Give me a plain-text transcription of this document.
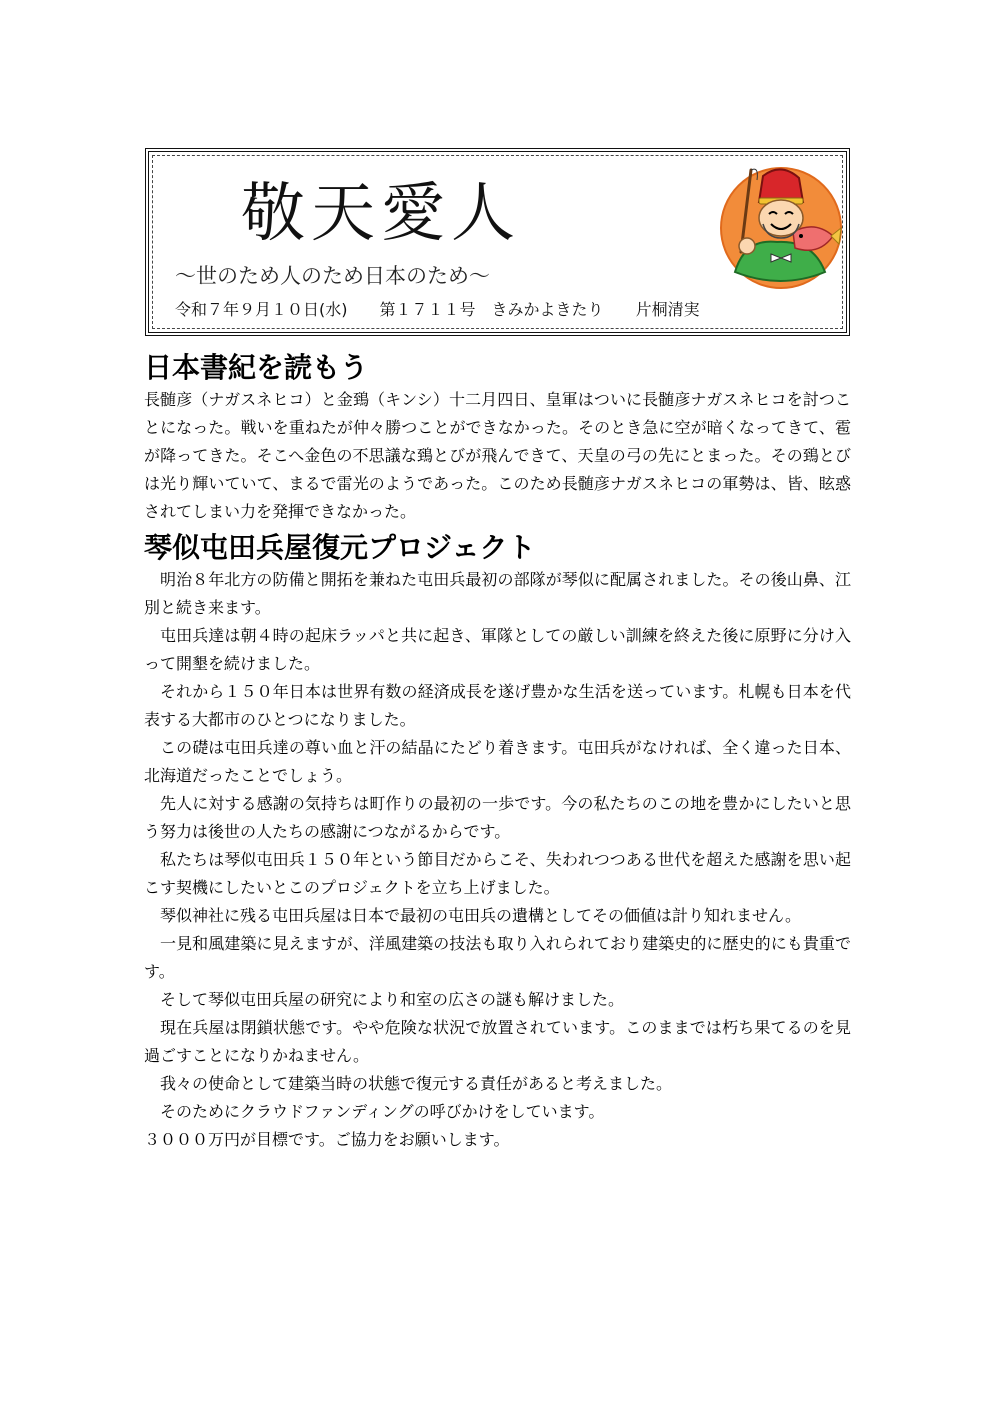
敬天愛人
～世のため人のため日本のため～
令和７年９月１０日(水)　　 第１７１１号　 きみかよきたり　　 片桐清実
日本書紀を読もう

長髄彦（ナガスネヒコ）と金鵄（キンシ）十二月四日、皇軍はついに長髄彦ナガスネヒコを討つことになった。戦いを重ねたが仲々勝つことができなかった。そのとき急に空が暗くなってきて、雹が降ってきた。そこへ金色の不思議な鵄とびが飛んできて、天皇の弓の先にとまった。その鵄とびは光り輝いていて、まるで雷光のようであった。このため長髄彦ナガスネヒコの軍勢は、皆、眩惑されてしまい力を発揮できなかった。

琴似屯田兵屋復元プロジェクト

明治８年北方の防備と開拓を兼ねた屯田兵最初の部隊が琴似に配属されました。その後山鼻、江別と続き来ます。

屯田兵達は朝４時の起床ラッパと共に起き、軍隊としての厳しい訓練を終えた後に原野に分け入って開墾を続けました。

それから１５０年日本は世界有数の経済成長を遂げ豊かな生活を送っています。札幌も日本を代表する大都市のひとつになりました。

この礎は屯田兵達の尊い血と汗の結晶にたどり着きます。屯田兵がなければ、全く違った日本、北海道だったことでしょう。

先人に対する感謝の気持ちは町作りの最初の一歩です。今の私たちのこの地を豊かにしたいと思う努力は後世の人たちの感謝につながるからです。

私たちは琴似屯田兵１５０年という節目だからこそ、失われつつある世代を超えた感謝を思い起こす契機にしたいとこのプロジェクトを立ち上げました。

琴似神社に残る屯田兵屋は日本で最初の屯田兵の遺構としてその価値は計り知れません。

一見和風建築に見えますが、洋風建築の技法も取り入れられており建築史的に歴史的にも貴重です。

そして琴似屯田兵屋の研究により和室の広さの謎も解けました。

現在兵屋は閉鎖状態です。やや危険な状況で放置されています。このままでは朽ち果てるのを見過ごすことになりかねません。

我々の使命として建築当時の状態で復元する責任があると考えました。

そのためにクラウドファンディングの呼びかけをしています。

３０００万円が目標です。ご協力をお願いします。
